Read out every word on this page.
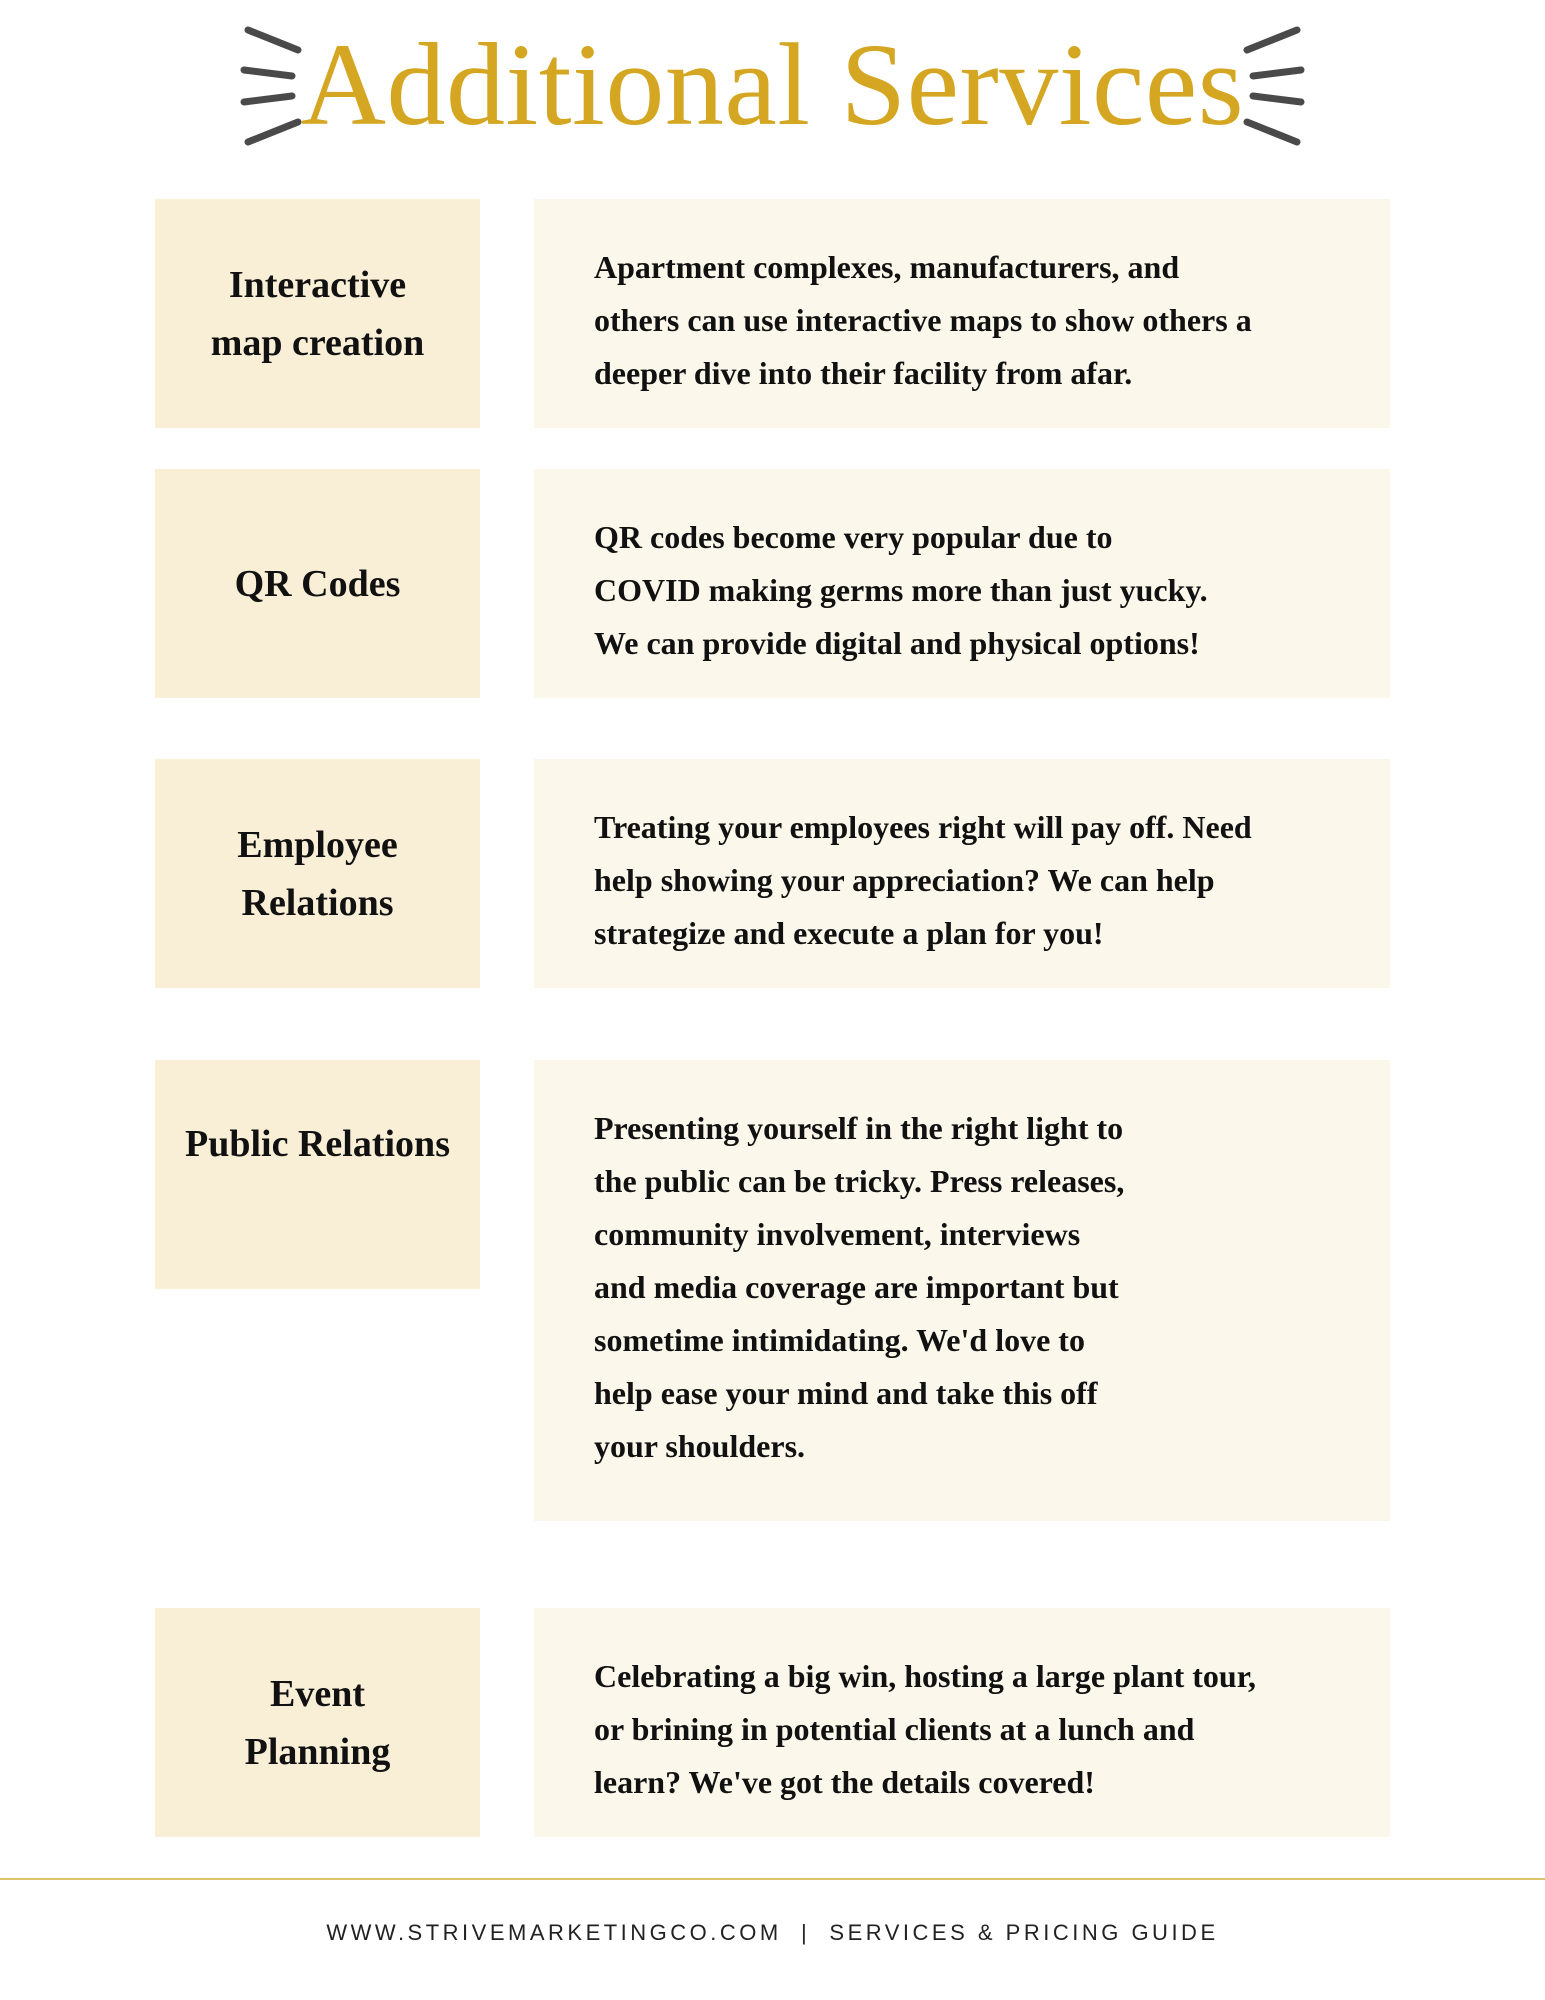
Additional Services
Interactive map creation
Apartment complexes, manufacturers, and
others can use interactive maps to show others a
deeper dive into their facility from afar.
QR Codes
QR codes become very popular due to
COVID making germs more than just yucky.
We can provide digital and physical options!
Employee Relations
Treating your employees right will pay off. Need
help showing your appreciation? We can help
strategize and execute a plan for you!
Public Relations	Presenting yourself in the right light to
the public can be tricky. Press releases,
community involvement, interviews
and media coverage are important but
sometime intimidating. We'd love to
help ease your mind and take this off
your shoulders.
Event Planning
Celebrating a big win, hosting a large plant tour,
or brining in potential clients at a lunch and
learn? We've got the details covered!
WWW.STRIVEMARKETINGCO.COM  |  SERVICES & PRICING GUIDE
